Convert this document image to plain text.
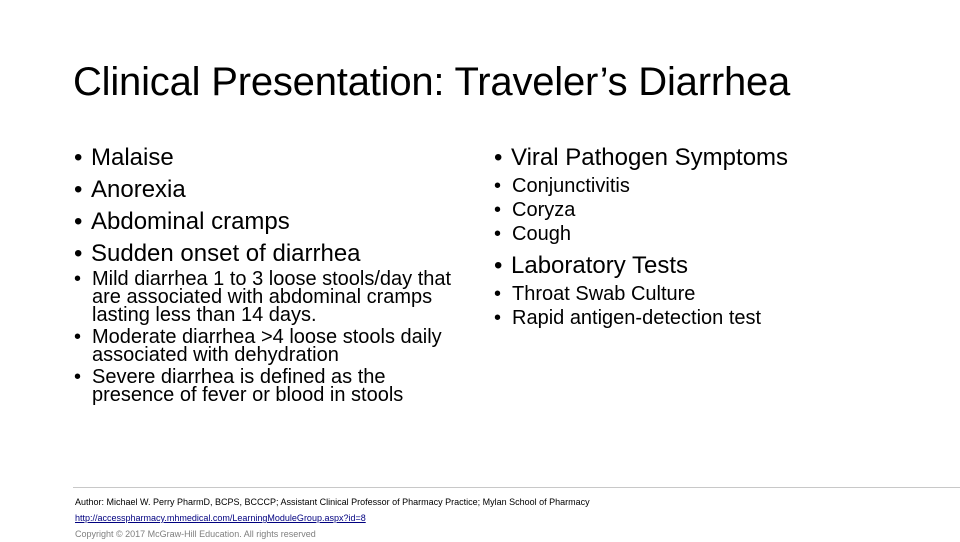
Clinical Presentation: Traveler’s Diarrhea
• Malaise
• Anorexia
• Abdominal cramps
• Sudden onset of diarrhea
• Mild diarrhea 1 to 3 loose stools/day that are associated with abdominal cramps lasting less than 14 days.
• Moderate diarrhea >4 loose stools daily associated with dehydration
• Severe diarrhea is defined as the presence of fever or blood in stools
• Viral Pathogen Symptoms
• Conjunctivitis
• Coryza
• Cough
• Laboratory Tests
• Throat Swab Culture
• Rapid antigen-detection test
Author: Michael W. Perry PharmD, BCPS, BCCCP; Assistant Clinical Professor of Pharmacy Practice; Mylan School of Pharmacy
http://accesspharmacy.mhmedical.com/LearningModuleGroup.aspx?id=8
Copyright © 2017 McGraw-Hill Education. All rights reserved
